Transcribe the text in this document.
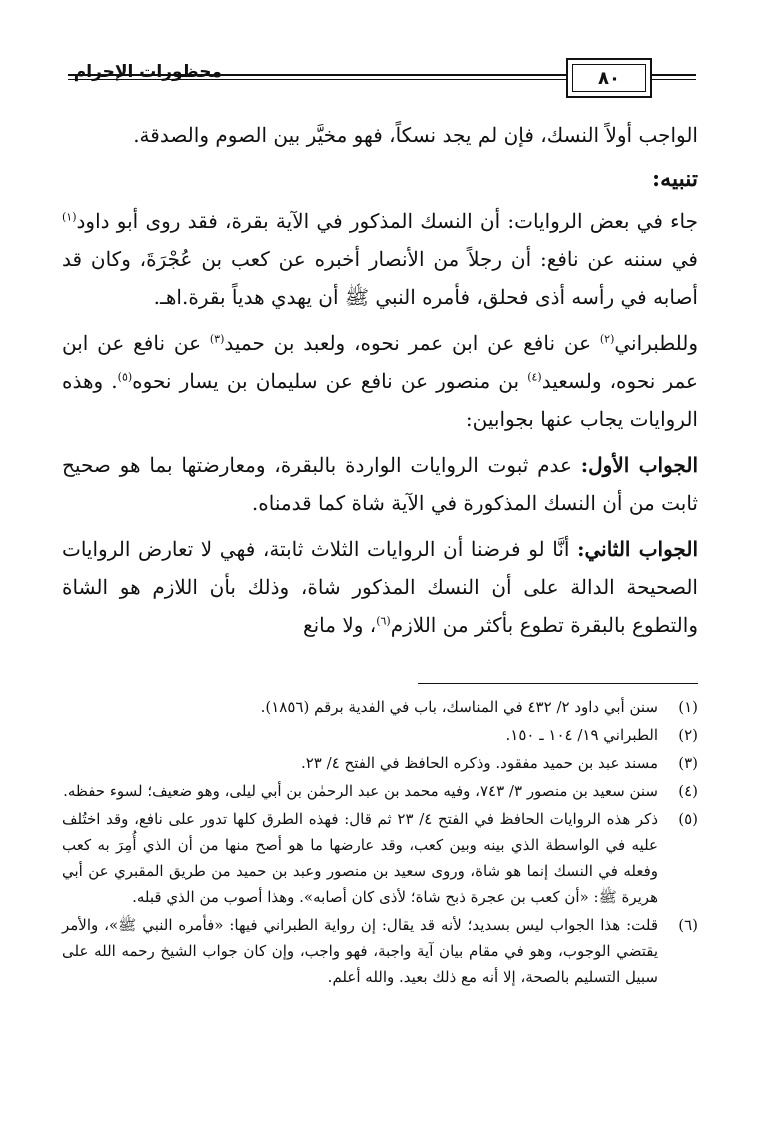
محظورات الإحرام	٨٠

الواجب أولاً النسك، فإن لم يجد نسكاً، فهو مخيَّر بين الصوم والصدقة.

تنبيه:

جاء في بعض الروايات: أن النسك المذكور في الآية بقرة، فقد روى أبو داود$^{(١)}$ في سننه عن نافع: أن رجلاً من الأنصار أخبره عن كعب بن عُجْرَةَ، وكان قد أصابه في رأسه أذى فحلق، فأمره النبي ﷺ أن يهدي هدياً بقرة.اهـ.

وللطبراني$^{(٢)}$ عن نافع عن ابن عمر نحوه، ولعبد بن حميد$^{(٣)}$ عن نافع عن ابن عمر نحوه، ولسعيد$^{(٤)}$ بن منصور عن نافع عن سليمان بن يسار نحوه$^{(٥)}$. وهذه الروايات يجاب عنها بجوابين:

الجواب الأول: عدم ثبوت الروايات الواردة بالبقرة، ومعارضتها بما هو صحيح ثابت من أن النسك المذكورة في الآية شاة كما قدمناه.

الجواب الثاني: أنَّا لو فرضنا أن الروايات الثلاث ثابتة، فهي لا تعارض الروايات الصحيحة الدالة على أن النسك المذكور شاة، وذلك بأن اللازم هو الشاة والتطوع بالبقرة تطوع بأكثر من اللازم$^{(٦)}$، ولا مانع

(١)
سنن أبي داود ٢/ ٤٣٢ في المناسك، باب في الفدية برقم (١٨٥٦).
(٢)
الطبراني ١٩/ ١٠٤ ـ ١٥٠.
(٣)
مسند عبد بن حميد مفقود. وذكره الحافظ في الفتح ٤/ ٢٣.
(٤)
سنن سعيد بن منصور ٣/ ٧٤٣، وفيه محمد بن عبد الرحمٰن بن أبي ليلى، وهو ضعيف؛ لسوء حفظه.
(٥)
ذكر هذه الروايات الحافظ في الفتح ٤/ ٢٣ ثم قال: فهذه الطرق كلها تدور على نافع، وقد اختُلف عليه في الواسطة الذي بينه وبين كعب، وقد عارضها ما هو أصح منها من أن الذي أُمِرَ به كعب وفعله في النسك إنما هو شاة، وروى سعيد بن منصور وعبد بن حميد من طريق المقبري عن أبي هريرة ﷺ: «أن كعب بن عجرة ذبح شاة؛ لأذى كان أصابه». وهذا أصوب من الذي قبله.
(٦)
قلت: هذا الجواب ليس بسديد؛ لأنه قد يقال: إن رواية الطبراني فيها: «فأمره النبي ﷺ»، والأمر يقتضي الوجوب، وهو في مقام بيان آية واجبة، فهو واجب، وإن كان جواب الشيخ رحمه الله على سبيل التسليم بالصحة، إلا أنه مع ذلك بعيد. والله أعلم.
